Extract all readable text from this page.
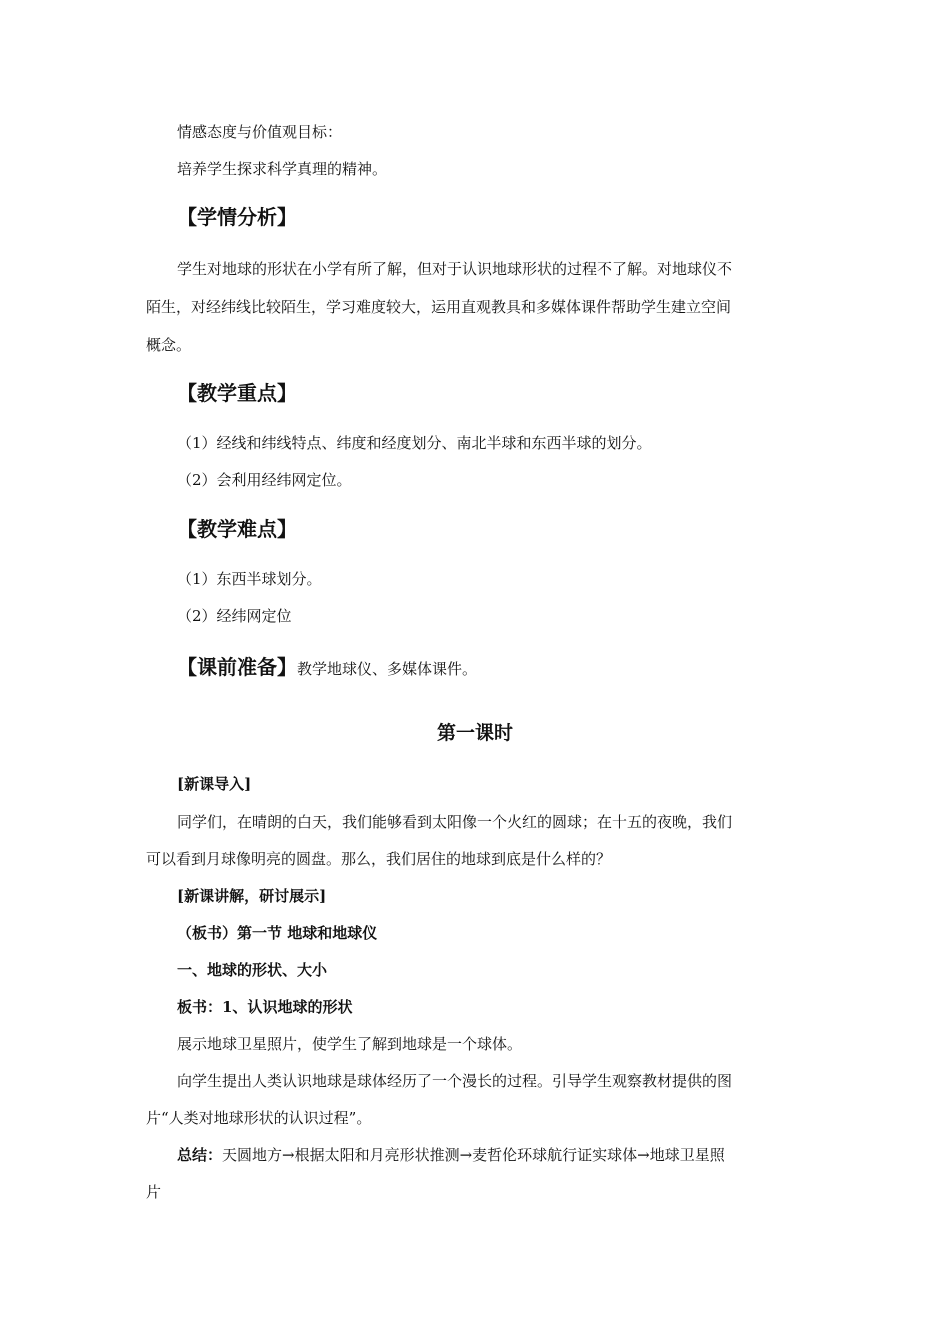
情感态度与价值观目标：
培养学生探求科学真理的精神。
【学情分析】
学生对地球的形状在小学有所了解，但对于认识地球形状的过程不了解。对地球仪不
陌生，对经纬线比较陌生，学习难度较大，运用直观教具和多媒体课件帮助学生建立空间
概念。
【教学重点】
（1）经线和纬线特点、纬度和经度划分、南北半球和东西半球的划分。
（2）会利用经纬网定位。
【教学难点】
（1）东西半球划分。
（2）经纬网定位
【课前准备】教学地球仪、多媒体课件。
第一课时
[新课导入]
同学们，在晴朗的白天，我们能够看到太阳像一个火红的圆球；在十五的夜晚，我们
可以看到月球像明亮的圆盘。那么，我们居住的地球到底是什么样的？
[新课讲解，研讨展示]
（板书）第一节 地球和地球仪
一、地球的形状、大小
板书：1、认识地球的形状
展示地球卫星照片，使学生了解到地球是一个球体。
向学生提出人类认识地球是球体经历了一个漫长的过程。引导学生观察教材提供的图
片“人类对地球形状的认识过程”。
总结：天圆地方→根据太阳和月亮形状推测→麦哲伦环球航行证实球体→地球卫星照
片
